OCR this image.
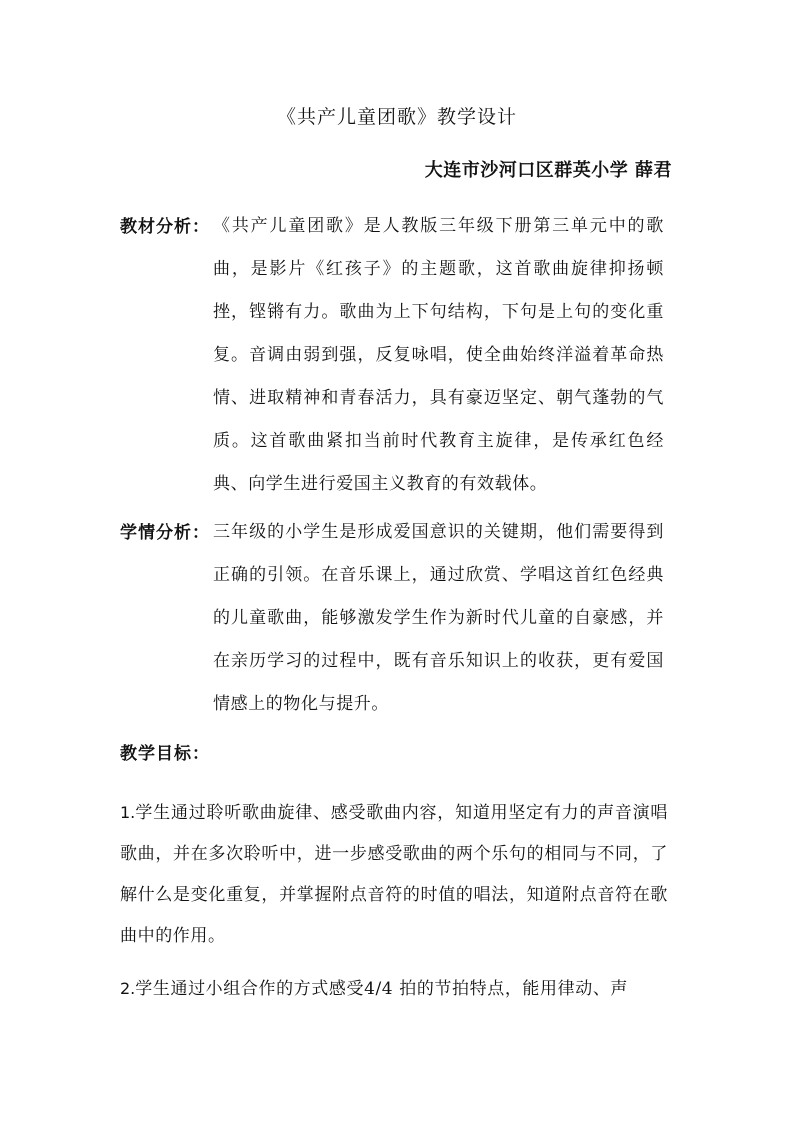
《共产儿童团歌》教学设计
大连市沙河口区群英小学 薛君
教材分析： 《共产儿童团歌》是人教版三年级下册第三单元中的歌曲，是影片《红孩子》的主题歌，这首歌曲旋律抑扬顿挫，铿锵有力。歌曲为上下句结构，下句是上句的变化重复。音调由弱到强，反复咏唱，使全曲始终洋溢着革命热情、进取精神和青春活力，具有豪迈坚定、朝气蓬勃的气质。这首歌曲紧扣当前时代教育主旋律，是传承红色经典、向学生进行爱国主义教育的有效载体。
学情分析： 三年级的小学生是形成爱国意识的关键期，他们需要得到正确的引领。在音乐课上，通过欣赏、学唱这首红色经典的儿童歌曲，能够激发学生作为新时代儿童的自豪感，并在亲历学习的过程中，既有音乐知识上的收获，更有爱国情感上的物化与提升。
教学目标：
1.学生通过聆听歌曲旋律、感受歌曲内容，知道用坚定有力的声音演唱歌曲，并在多次聆听中，进一步感受歌曲的两个乐句的相同与不同，了解什么是变化重复，并掌握附点音符的时值的唱法，知道附点音符在歌曲中的作用。
2.学生通过小组合作的方式感受4/4 拍的节拍特点，能用律动、声
